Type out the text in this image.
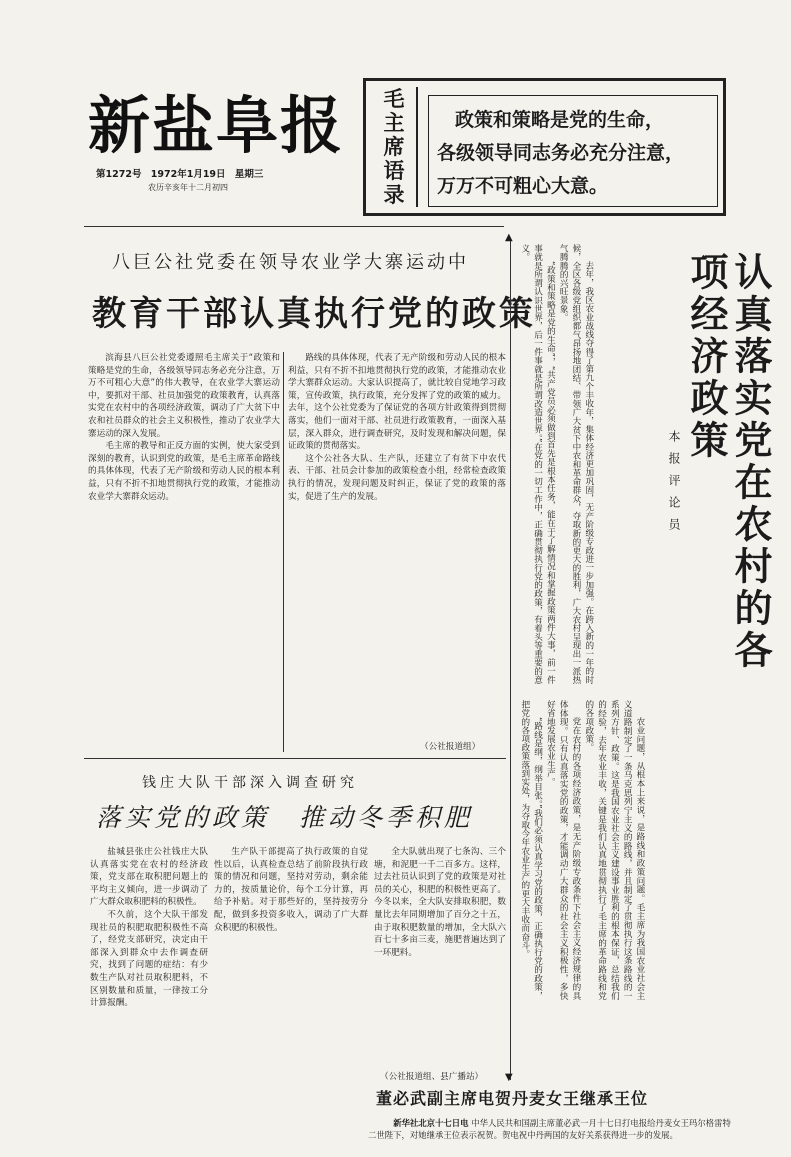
新盐阜报
第1272号 1972年1月19日 星期三
农历辛亥年十二月初四
毛
主
席
语
录
政策和策略是党的生命，
各级领导同志务必充分注意，
万万不可粗心大意。
八巨公社党委在领导农业学大寨运动中
教育干部认真执行党的政策

滨海县八巨公社党委遵照毛主席关于“政策和策略是党的生命，各级领导同志务必充分注意，万万不可粗心大意”的伟大教导，在农业学大寨运动中，要抓对干部、社员加强党的政策教育，认真落实党在农村中的各项经济政策，调动了广大贫下中农和社员群众的社会主义积极性，推动了农业学大寨运动的深入发展。

毛主席的教导和正反方面的实例，使大家受到深刻的教育，认识到党的政策，是毛主席革命路线的具体体现，代表了无产阶级和劳动人民的根本利益，只有不折不扣地贯彻执行党的政策，才能推动农业学大寨群众运动。

路线的具体体现，代表了无产阶级和劳动人民的根本利益，只有不折不扣地贯彻执行党的政策，才能推动农业学大寨群众运动。大家认识提高了，就比较自觉地学习政策，宣传政策，执行政策，充分发挥了党的政策的威力。去年，这个公社党委为了保证党的各项方针政策得到贯彻落实，他们一面对干部、社员进行政策教育，一面深入基层，深入群众，进行调查研究，及时发现和解决问题，保证政策的贯彻落实。

这个公社各大队、生产队，还建立了有贫下中农代表、干部、社员会计参加的政策检查小组，经常检查政策执行的情况，发现问题及时纠正，保证了党的政策的落实，促进了生产的发展。

（公社报道组）
钱庄大队干部深入调查研究
落实党的政策　推动冬季积肥

盐城县张庄公社钱庄大队认真落实党在农村的经济政策，党支部在取积肥问题上的平均主义倾向，进一步调动了广大群众取积肥料的积极性。

不久前，这个大队干部发现社员的积肥取肥积极性不高了，经党支部研究，决定由干部深入到群众中去作调查研究，找到了问题的症结：有少数生产队对社员取积肥料，不区别数量和质量，一律按工分计算报酬。

生产队干部提高了执行政策的自觉性以后，认真检查总结了前阶段执行政策的情况和问题，坚持对劳动，剩余能力的，按质量论价，每个工分计算，再给予补贴。对于那些好的，坚持按劳分配，做到多投资多收入，调动了广大群众积肥的积极性。

全大队就出现了七条沟、三个塘，和泥肥一千二百多方。这样，过去社员认识到了党的政策是对社员的关心，积肥的积极性更高了。今冬以来，全大队安排取积肥，数量比去年同期增加了百分之十五，由于取积肥数量的增加，全大队六百七十多亩三麦，施肥普遍达到了一环肥料。

（公社报道组、县广播站）
▲
▼
认真落实党在农村的各项经济政策
本报评论员
去年，我区农业战线夺得了第九个丰收年，集体经济更加巩固，无产阶级专政进一步加强。在跨入新的一年的时候，全区各级党组织都气昂扬地团结、带领广大贫下中农和革命群众，夺取新的更大的胜利，广大农村呈现出一派热气腾腾的兴旺景象。
“政策和策略是党的生命”，“共产党员必须做到首先是根本任务，能在于了解情况和掌握政策两件大事，前一件事就是所谓认识世界，后一件事就是所谓改造世界。”在党的一切工作中，正确贯彻执行党的政策，有着头等重要的意义。
农业问题，从根本上来说，是路线和政策问题。毛主席为我国农业社会主义道路制定了一条马克思列宁主义的路线，并且制定了贯彻执行这条路线的一系列方针、政策。这是我国农业社会主义建设事业胜利的根本保证，总结我们的经验，去年农业丰收，关键是我们认真地贯彻执行了毛主席的革命路线和党的各项政策。
党在农村的各项经济政策，是无产阶级专政条件下社会主义经济规律的具体体现。只有认真落实党的政策，才能调动广大群众的社会主义积极性，多快好省地发展农业生产。
“路线是纲，纲举目张。”我们必须认真学习党的政策，正确执行党的政策，把党的各项政策落到实处，为夺取今年农业生产的更大丰收而奋斗。
董必武副主席电贺丹麦女王继承王位
新华社北京十七日电 中华人民共和国副主席董必武一月十七日打电报给丹麦女王玛尔格雷特二世陛下，对她继承王位表示祝贺。贺电祝中丹两国的友好关系获得进一步的发展。
